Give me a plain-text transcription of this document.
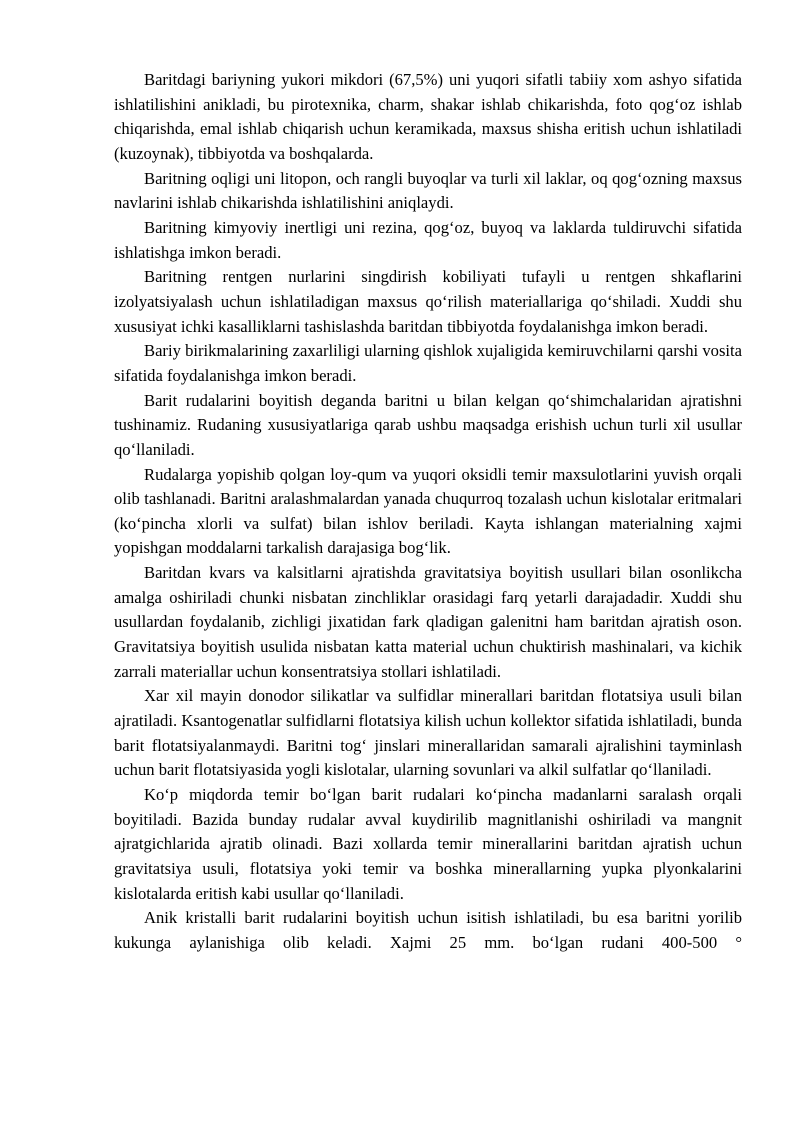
Baritdagi bariyning yukori mikdori (67,5%) uni yuqori sifatli tabiiy xom ashyo sifatida ishlatilishini anikladi, bu pirotexnika, charm, shakar ishlab chikarishda, foto qog‘oz ishlab chiqarishda, emal ishlab chiqarish uchun keramikada, maxsus shisha eritish uchun ishlatiladi (kuzoynak), tibbiyotda va boshqalarda.

Baritning oqligi uni litopon, och rangli buyoqlar va turli xil laklar, oq qog‘ozning maxsus navlarini ishlab chikarishda ishlatilishini aniqlaydi.

Baritning kimyoviy inertligi uni rezina, qog‘oz, buyoq va laklarda tuldiruvchi sifatida ishlatishga imkon beradi.

Baritning rentgen nurlarini singdirish kobiliyati tufayli u rentgen shkaflarini izolyatsiyalash uchun ishlatiladigan maxsus qo‘rilish materiallariga qo‘shiladi. Xuddi shu xususiyat ichki kasalliklarni tashislashda baritdan tibbiyotda foydalanishga imkon beradi.

Bariy birikmalarining zaxarliligi ularning qishlok xujaligida kemiruvchilarni qarshi vosita sifatida foydalanishga imkon beradi.

Barit rudalarini boyitish deganda baritni u bilan kelgan qo‘shimchalaridan ajratishni tushinamiz. Rudaning xususiyatlariga qarab ushbu maqsadga erishish uchun turli xil usullar qo‘llaniladi.

Rudalarga yopishib qolgan loy-qum va yuqori oksidli temir maxsulotlarini yuvish orqali olib tashlanadi. Baritni aralashmalardan yanada chuqurroq tozalash uchun kislotalar eritmalari (ko‘pincha xlorli va sulfat) bilan ishlov beriladi. Kayta ishlangan materialning xajmi yopishgan moddalarni tarkalish darajasiga bog‘lik.

Baritdan kvars va kalsitlarni ajratishda gravitatsiya boyitish usullari bilan osonlikcha amalga oshiriladi chunki nisbatan zinchliklar orasidagi farq yetarli darajadadir. Xuddi shu usullardan foydalanib, zichligi jixatidan fark qladigan galenitni ham baritdan ajratish oson. Gravitatsiya boyitish usulida nisbatan katta material uchun chuktirish mashinalari, va kichik zarrali materiallar uchun konsentratsiya stollari ishlatiladi.

Xar xil mayin donodor silikatlar va sulfidlar minerallari baritdan flotatsiya usuli bilan ajratiladi. Ksantogenatlar sulfidlarni flotatsiya kilish uchun kollektor sifatida ishlatiladi, bunda barit flotatsiyalanmaydi. Baritni tog‘ jinslari minerallaridan samarali ajralishini tayminlash uchun barit flotatsiyasida yogli kislotalar, ularning sovunlari va alkil sulfatlar qo‘llaniladi.

Ko‘p miqdorda temir bo‘lgan barit rudalari ko‘pincha madanlarni saralash orqali boyitiladi. Bazida bunday rudalar avval kuydirilib magnitlanishi oshiriladi va mangnit ajratgichlarida ajratib olinadi. Bazi xollarda temir minerallarini baritdan ajratish uchun gravitatsiya usuli, flotatsiya yoki temir va boshka minerallarning yupka plyonkalarini kislotalarda eritish kabi usullar qo‘llaniladi.

Anik kristalli barit rudalarini boyitish uchun isitish ishlatiladi, bu esa baritni yorilib kukunga aylanishiga olib keladi. Xajmi 25 mm. bo‘lgan rudani 400-500 °
